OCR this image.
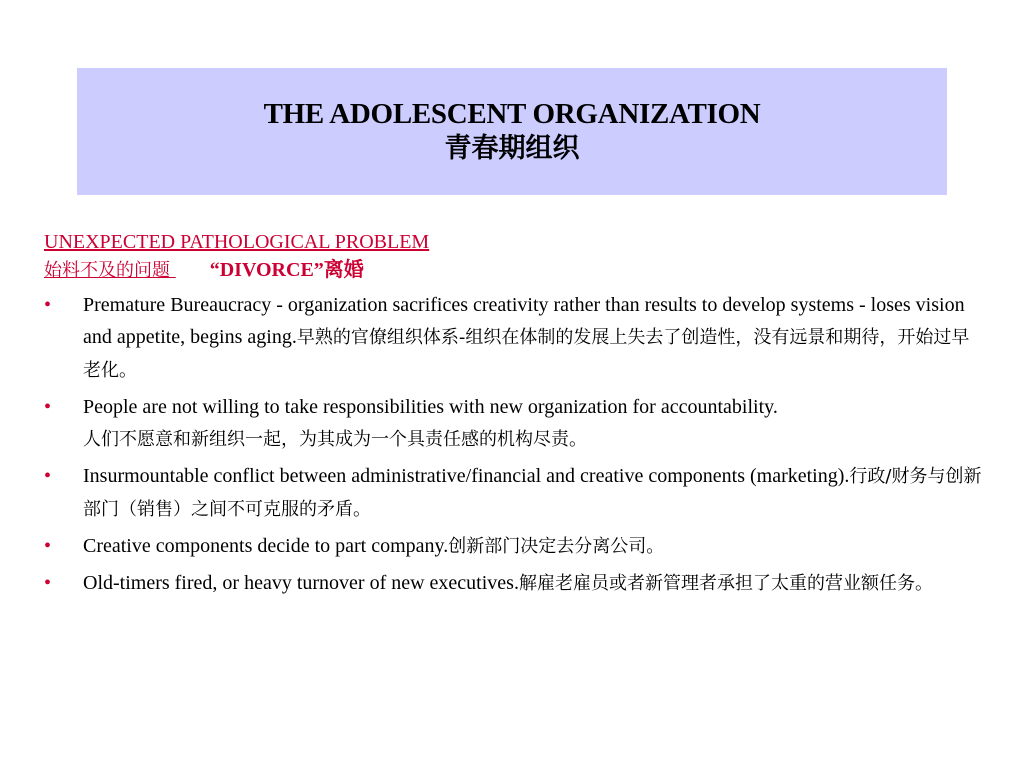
THE ADOLESCENT ORGANIZATION
青春期组织
UNEXPECTED PATHOLOGICAL PROBLEM
始料不及的问题 “DIVORCE”离婚
• Premature Bureaucracy - organization sacrifices creativity rather than results to develop systems - loses vision and appetite, begins aging.早熟的官僚组织体系-组织在体制的发展上失去了创造性，没有远景和期待，开始过早老化。
• People are not willing to take responsibilities with new organization for accountability.
人们不愿意和新组织一起，为其成为一个具责任感的机构尽责。
• Insurmountable conflict between administrative/financial and creative components (marketing).行政/财务与创新部门（销售）之间不可克服的矛盾。
• Creative components decide to part company.创新部门决定去分离公司。
• Old-timers fired, or heavy turnover of new executives.解雇老雇员或者新管理者承担了太重的营业额任务。
